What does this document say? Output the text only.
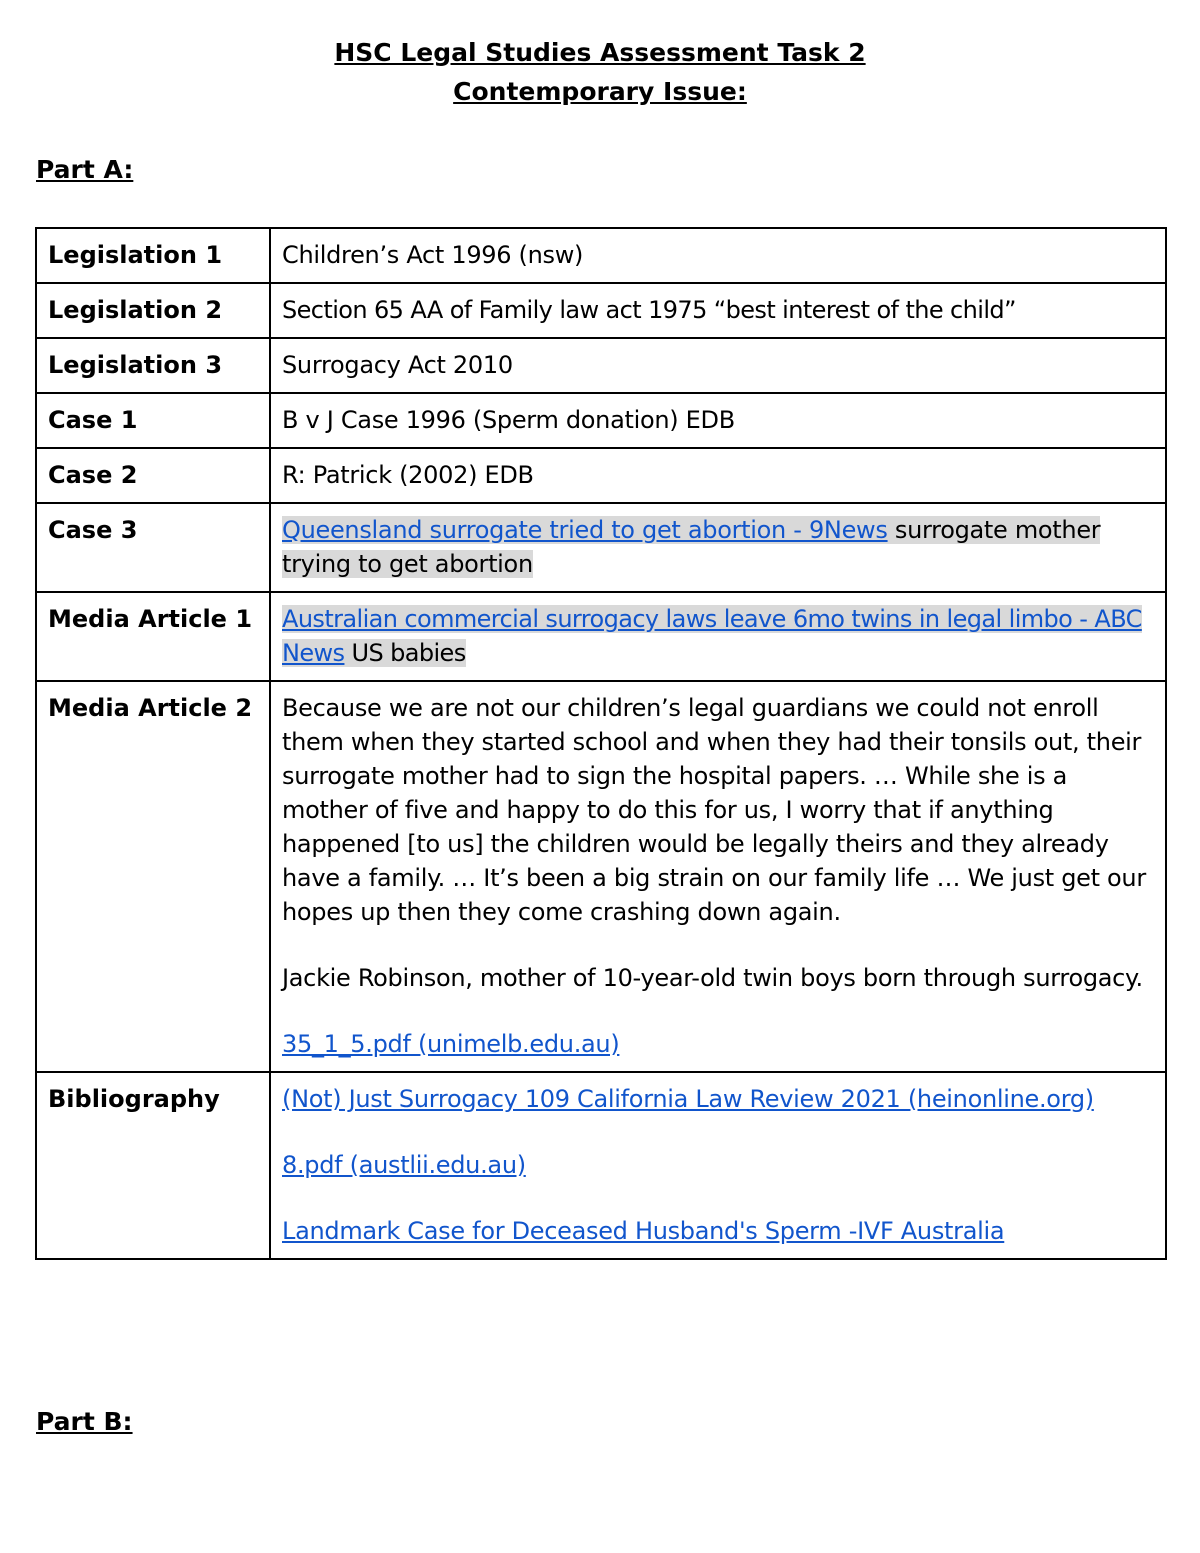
HSC Legal Studies Assessment Task 2
Contemporary Issue:
Part A:
Legislation 1	Children’s Act 1996 (nsw)
Legislation 2	Section 65 AA of Family law act 1975 “best interest of the child”
Legislation 3	Surrogacy Act 2010
Case 1	B v J Case 1996 (Sperm donation) EDB
Case 2	R: Patrick (2002) EDB
Case 3	Queensland surrogate tried to get abortion - 9News surrogate mother trying to get abortion
Media Article 1	Australian commercial surrogacy laws leave 6mo twins in legal limbo - ABC News US babies
Media Article 2	Because we are not our children’s legal guardians we could not enroll them when they started school and when they had their tonsils out, their surrogate mother had to sign the hospital papers. … While she is a mother of five and happy to do this for us, I worry that if anything happened [to us] the children would be legally theirs and they already have a family. … It’s been a big strain on our family life … We just get our hopes up then they come crashing down again.
Jackie Robinson, mother of 10-year-old twin boys born through surrogacy.
35_1_5.pdf (unimelb.edu.au)
Bibliography	(Not) Just Surrogacy 109 California Law Review 2021 (heinonline.org)
8.pdf (austlii.edu.au)
Landmark Case for Deceased Husband's Sperm -IVF Australia
Part B:
